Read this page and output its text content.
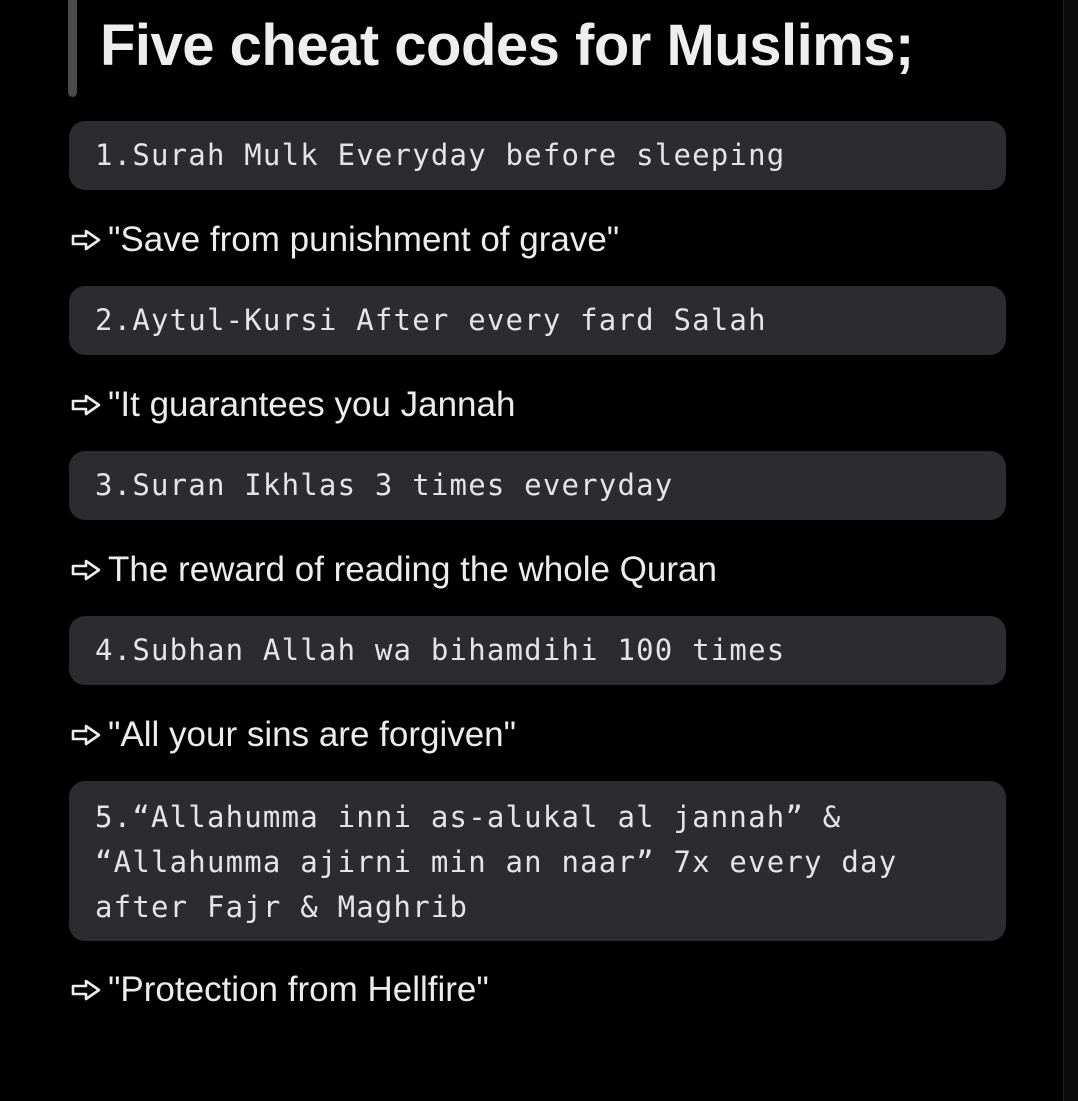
Five cheat codes for Muslims;
1.Surah Mulk Everyday before sleeping
"Save from punishment of grave"
2.Aytul-Kursi After every fard Salah
"It guarantees you Jannah
3.Suran Ikhlas 3 times everyday
The reward of reading the whole Quran
4.Subhan Allah wa bihamdihi 100 times
"All your sins are forgiven"
5.“Allahumma inni as-alukal al jannah” &
“Allahumma ajirni min an naar” 7x every day
after Fajr & Maghrib
"Protection from Hellfire"
